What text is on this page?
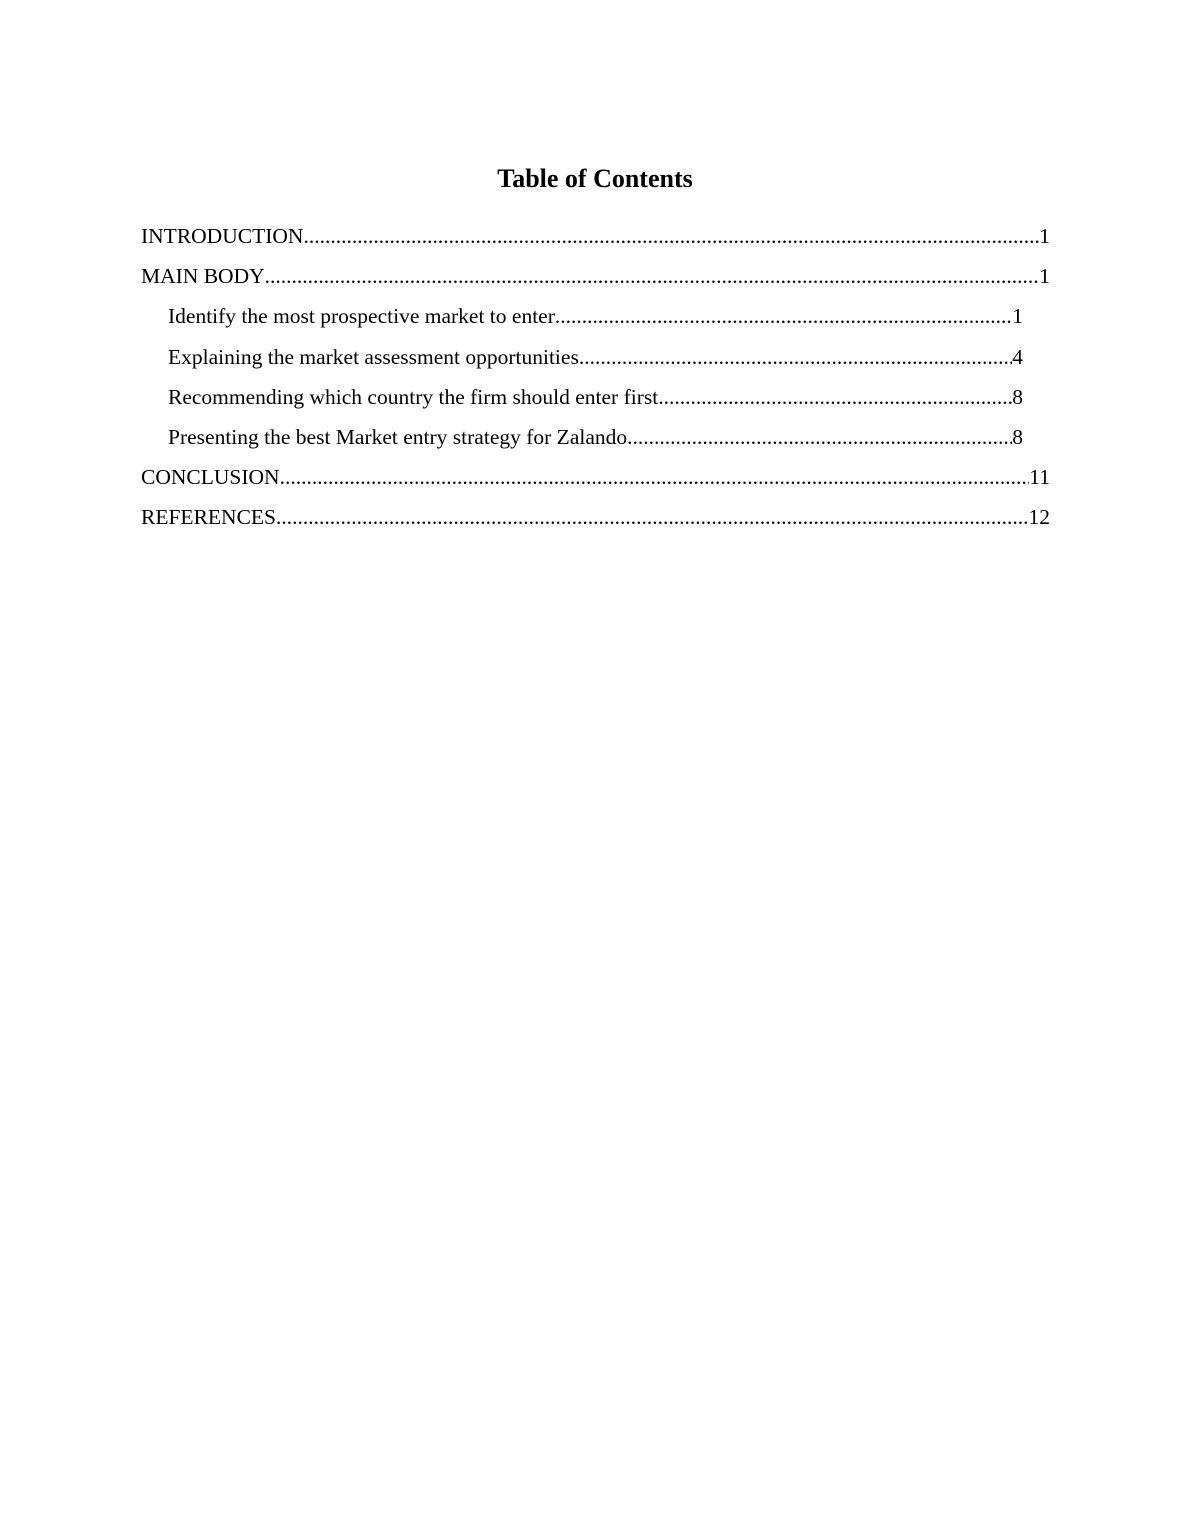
Table of Contents
INTRODUCTION .....	1
MAIN BODY .....	1
Identify the most prospective market to enter .....	1
Explaining the market assessment opportunities .....	4
Recommending which country the firm should enter first .....	8
Presenting the best Market entry strategy for Zalando .....	8
CONCLUSION .....	11
REFERENCES .....	12
